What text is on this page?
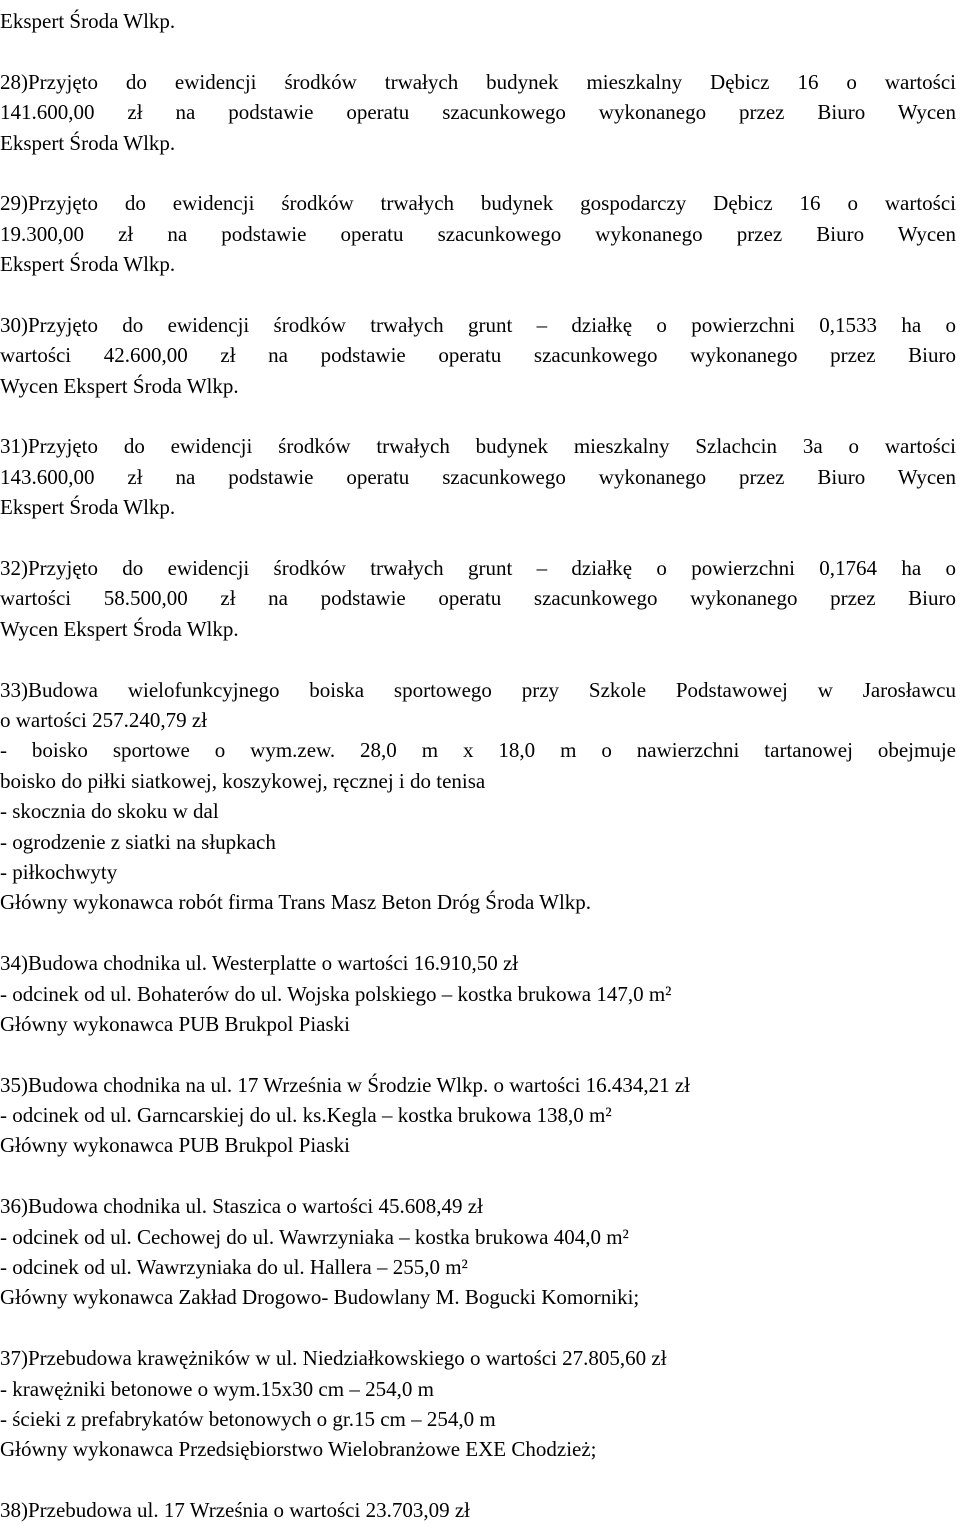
Ekspert Środa Wlkp.
28)Przyjęto do ewidencji środków trwałych budynek mieszkalny Dębicz 16 o wartości
141.600,00 zł na podstawie operatu szacunkowego wykonanego przez Biuro Wycen
Ekspert Środa Wlkp.
29)Przyjęto do ewidencji środków trwałych budynek gospodarczy Dębicz 16 o wartości
19.300,00 zł na podstawie operatu szacunkowego wykonanego przez Biuro Wycen
Ekspert Środa Wlkp.
30)Przyjęto do ewidencji środków trwałych grunt – działkę o powierzchni 0,1533 ha o
wartości 42.600,00 zł na podstawie operatu szacunkowego wykonanego przez Biuro
Wycen Ekspert Środa Wlkp.
31)Przyjęto do ewidencji środków trwałych budynek mieszkalny Szlachcin 3a o wartości
143.600,00 zł na podstawie operatu szacunkowego wykonanego przez Biuro Wycen
Ekspert Środa Wlkp.
32)Przyjęto do ewidencji środków trwałych grunt – działkę o powierzchni 0,1764 ha o
wartości 58.500,00 zł na podstawie operatu szacunkowego wykonanego przez Biuro
Wycen Ekspert Środa Wlkp.
33)Budowa wielofunkcyjnego boiska sportowego przy Szkole Podstawowej w Jarosławcu
o wartości 257.240,79 zł
- boisko sportowe o wym.zew. 28,0 m x 18,0 m o nawierzchni tartanowej obejmuje
boisko do piłki siatkowej, koszykowej, ręcznej i do tenisa
- skocznia do skoku w dal
- ogrodzenie z siatki na słupkach
- piłkochwyty
Główny wykonawca robót firma Trans Masz Beton Dróg Środa Wlkp.
34)Budowa chodnika ul. Westerplatte o wartości 16.910,50 zł
- odcinek od ul. Bohaterów do ul. Wojska polskiego – kostka brukowa 147,0 m²
Główny wykonawca PUB Brukpol Piaski
35)Budowa chodnika na ul. 17 Września w Środzie Wlkp. o wartości 16.434,21 zł
- odcinek od ul. Garncarskiej do ul. ks.Kegla – kostka brukowa 138,0 m²
Główny wykonawca PUB Brukpol Piaski
36)Budowa chodnika ul. Staszica o wartości 45.608,49 zł
- odcinek od ul. Cechowej do ul. Wawrzyniaka – kostka brukowa 404,0 m²
- odcinek od ul. Wawrzyniaka do ul. Hallera – 255,0 m²
Główny wykonawca Zakład Drogowo- Budowlany M. Bogucki Komorniki;
37)Przebudowa krawężników w ul. Niedziałkowskiego o wartości 27.805,60 zł
- krawężniki betonowe o wym.15x30 cm – 254,0 m
- ścieki z prefabrykatów betonowych o gr.15 cm – 254,0 m
Główny wykonawca Przedsiębiorstwo Wielobranżowe EXE Chodzież;
38)Przebudowa ul. 17 Września o wartości 23.703,09 zł
